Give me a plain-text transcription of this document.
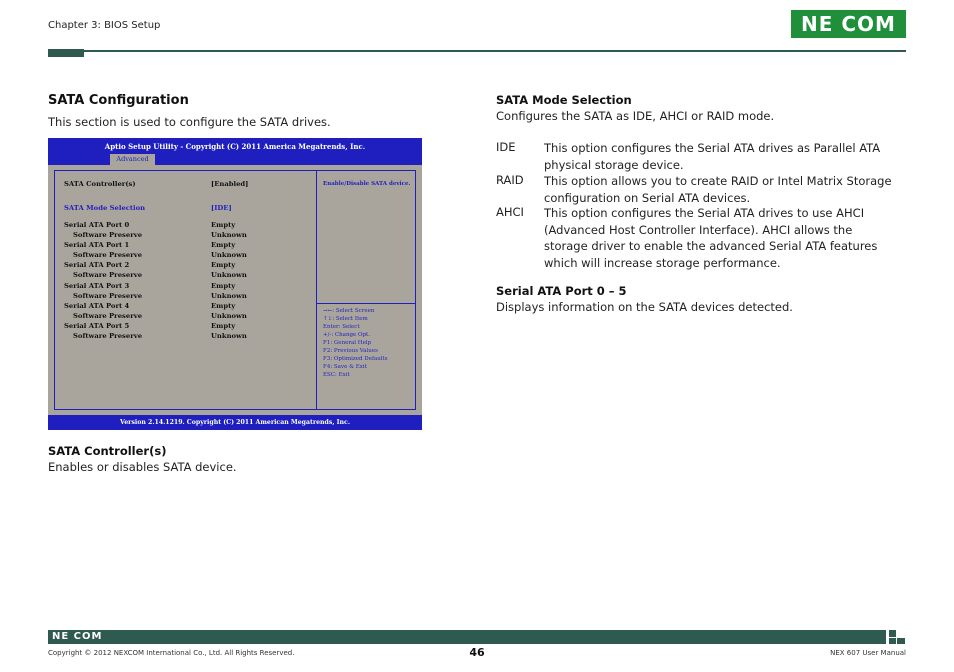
Chapter 3: BIOS Setup	NE COM
SATA Configuration
This section is used to configure the SATA drives.
Aptio Setup Utility - Copyright (C) 2011 America Megatrends, Inc.
Advanced
SATA Controller(s)	[Enabled]
SATA Mode Selection	[IDE]
Serial ATA Port 0	Empty
Software Preserve	Unknown
Serial ATA Port 1	Empty
Software Preserve	Unknown
Serial ATA Port 2	Empty
Software Preserve	Unknown
Serial ATA Port 3	Empty
Software Preserve	Unknown
Serial ATA Port 4	Empty
Software Preserve	Unknown
Serial ATA Port 5	Empty
Software Preserve	Unknown
Enable/Disable SATA device.
→←: Select Screen
↑↓: Select Item
Enter: Select
+/-: Change Opt.
F1: General Help
F2: Previous Values
F3: Optimized Defaults
F4: Save & Exit
ESC: Exit
Version 2.14.1219. Copyright (C) 2011 American Megatrends, Inc.
SATA Controller(s)
Enables or disables SATA device.
SATA Mode Selection
Configures the SATA as IDE, AHCI or RAID mode.
IDE This option configures the Serial ATA drives as Parallel ATA physical storage device.
RAID This option allows you to create RAID or Intel Matrix Storage configuration on Serial ATA devices.
AHCI This option configures the Serial ATA drives to use AHCI (Advanced Host Controller Interface). AHCI allows the storage driver to enable the advanced Serial ATA features which will increase storage performance.
Serial ATA Port 0 – 5
Displays information on the SATA devices detected.
NE COM
Copyright © 2012 NEXCOM International Co., Ltd. All Rights Reserved.	46	NEX 607 User Manual
